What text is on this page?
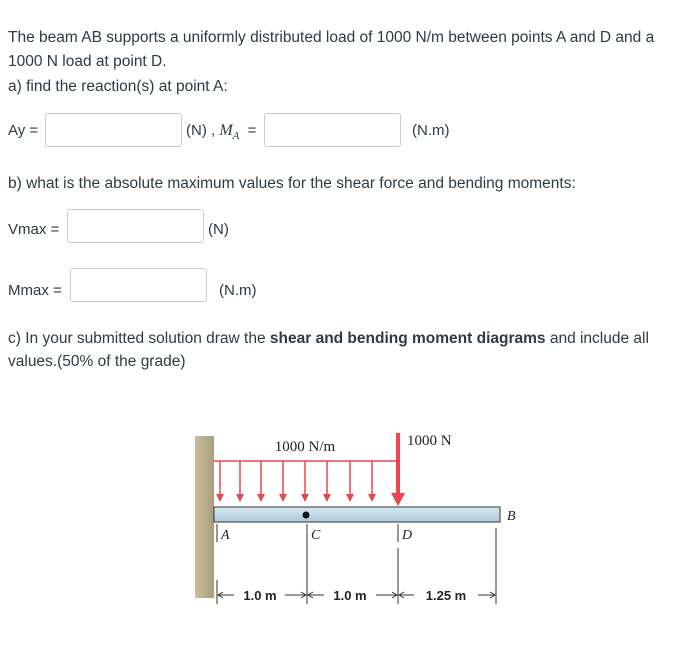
The beam AB supports a uniformly distributed load of 1000 N/m between points A and D and a
1000 N load at point D.
a) find the reaction(s) at point A:
Ay =	(N) , $M_A$ =	(N.m)
b) what is the absolute maximum values for the shear force and bending moments:
Vmax =	(N)
Mmax =	(N.m)
c) In your submitted solution draw the shear and bending moment diagrams and include all
values.(50% of the grade)
1000 N/m	1000 N
A	C	D
B
1.0 m	1.0 m	1.25 m
